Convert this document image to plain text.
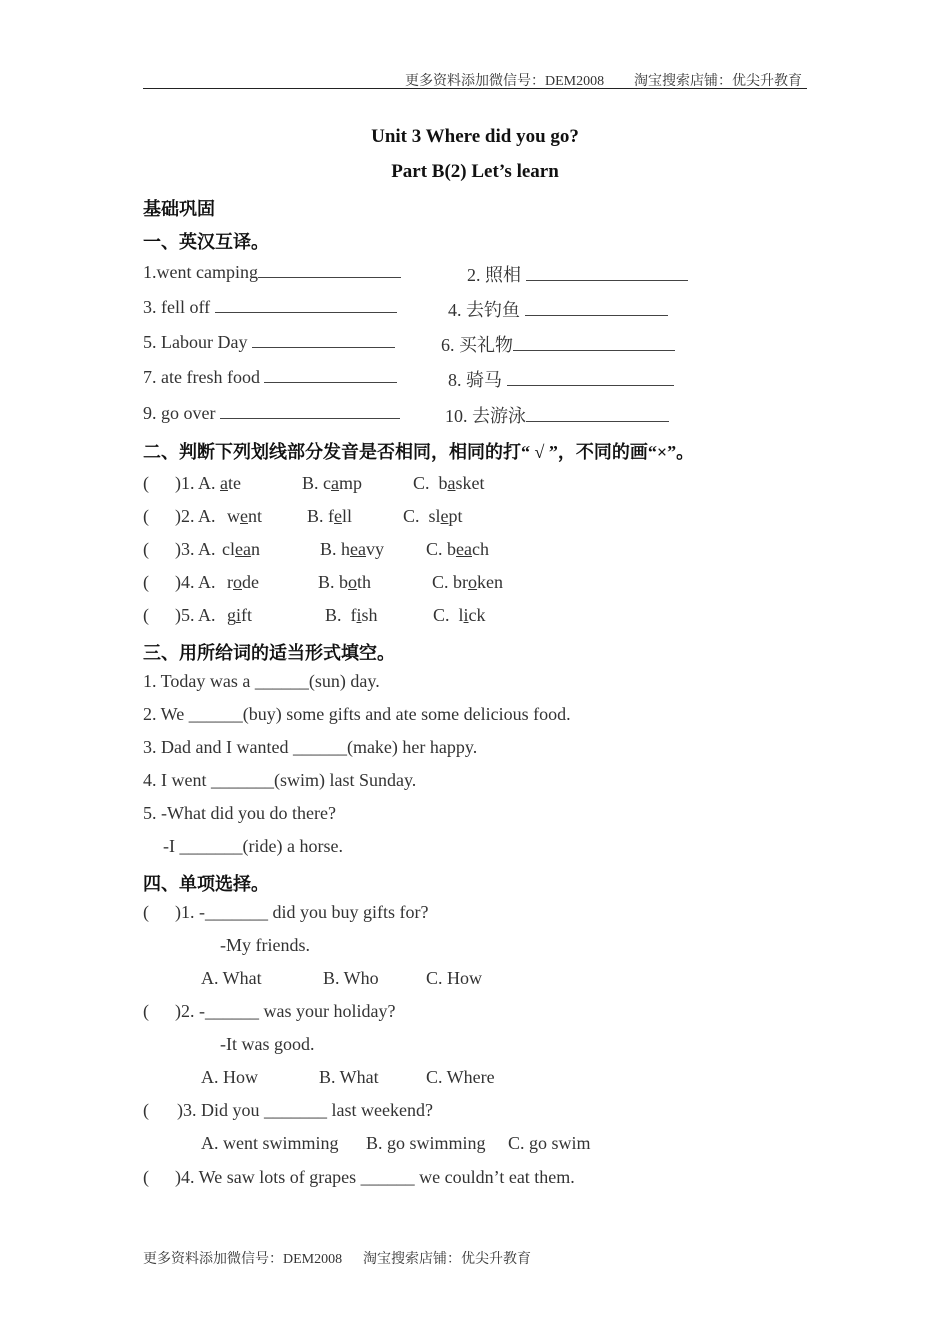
更多资料添加微信号：DEM2008 淘宝搜索店铺：优尖升教育
Unit 3 Where did you go?
Part B(2) Let’s learn
基础巩固
一、英汉互译。
1.went camping	2. 照相
3. fell off	4. 去钓鱼
5. Labour Day	6. 买礼物
7. ate fresh food	8. 骑马
9. go over	10. 去游泳
二、判断下列划线部分发音是否相同，相同的打“ √ ”，不同的画“×”。
( )1. A. ate	B. camp	C. basket
( )2. A. went B. fell	C. slept
( )3. A. clean	B. heavy C. beach
( )4. A. rode	B. both	C. broken
( )5. A. gift	B. fish	C. lick
三、用所给词的适当形式填空。
1. Today was a ______(sun) day.
2. We ______(buy) some gifts and ate some delicious food.
3. Dad and I wanted ______(make) her happy.
4. I went _______(swim) last Sunday.
5. -What did you do there?
-I _______(ride) a horse.
四、单项选择。
( )1. -_______ did you buy gifts for?
-My friends.
A. What	B. Who	C. How
( )2. -______ was your holiday?
-It was good.
A. How	B. What	C. Where
( )3. Did you _______ last weekend?
A. went swimming B. go swimming C. go swim
( )4. We saw lots of grapes ______ we couldn’t eat them.
更多资料添加微信号：DEM2008 淘宝搜索店铺：优尖升教育
